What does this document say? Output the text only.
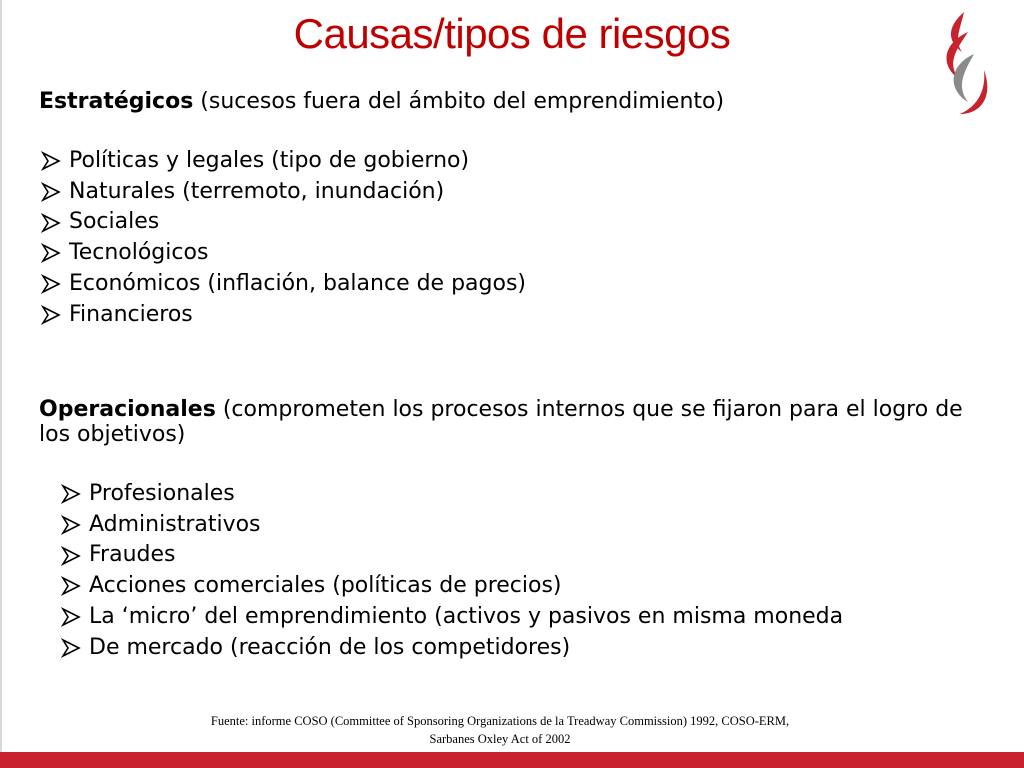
Causas/tipos de riesgos
Estratégicos (sucesos fuera del ámbito del emprendimiento)
Políticas y legales (tipo de gobierno)
Naturales (terremoto, inundación)
Sociales
Tecnológicos
Económicos (inflación, balance de pagos)
Financieros
Operacionales (comprometen los procesos internos que se fijaron para el logro de los objetivos)
Profesionales
Administrativos
Fraudes
Acciones comerciales (políticas de precios)
La ‘micro’ del emprendimiento (activos y pasivos en misma moneda
De mercado (reacción de los competidores)
Fuente: informe COSO (Committee of Sponsoring Organizations de la Treadway Commission) 1992, COSO-ERM,
Sarbanes Oxley Act of 2002
